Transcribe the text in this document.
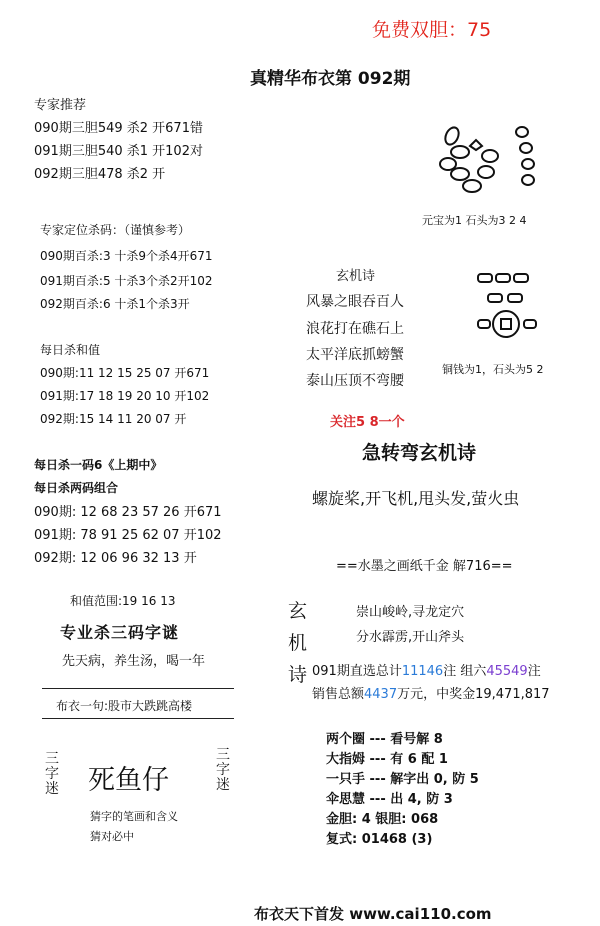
免费双胆：75
真精华布衣第 092期
专家推荐
090期三胆549 杀2 开671错
091期三胆540 杀1 开102对
092期三胆478 杀2 开
专家定位杀码：（谨慎参考）
090期百杀:3 十杀9个杀4开671
091期百杀:5 十杀3个杀2开102
092期百杀:6 十杀1个杀3开
每日杀和值
090期:11 12 15 25 07 开671
091期:17 18 19 20 10 开102
092期:15 14 11 20 07 开
每日杀一码6《上期中》
每日杀两码组合
090期: 12 68 23 57 26 开671
091期: 78 91 25 62 07 开102
092期: 12 06 96 32 13 开
和值范围:19 16 13
专业杀三码字谜
先天病，养生汤，喝一年
布衣一句:股市大跌跳高楼
三字迷 死鱼仔
三字迷
猜字的笔画和含义
猜对必中
元宝为1 石头为3 2 4
玄机诗
风暴之眼吞百人
浪花打在礁石上
太平洋底抓螃蟹
泰山压顶不弯腰
铜钱为1，石头为5 2
关注5 8一个
急转弯玄机诗
螺旋桨,开飞机,甩头发,萤火虫
==水墨之画纸千金 解716==
玄
机
诗
崇山峻岭,寻龙定穴
分水霹雳,开山斧头
091期直选总计11146注 组六45549注
销售总额4437万元，中奖金19,471,817
两个圈 --- 看号解 8
大指姆 --- 有 6 配 1
一只手 --- 解字出 0, 防 5
伞思慧 --- 出 4, 防 3
金胆: 4 银胆: 068
复式: 01468 (3)
布衣天下首发 www.cai110.com
